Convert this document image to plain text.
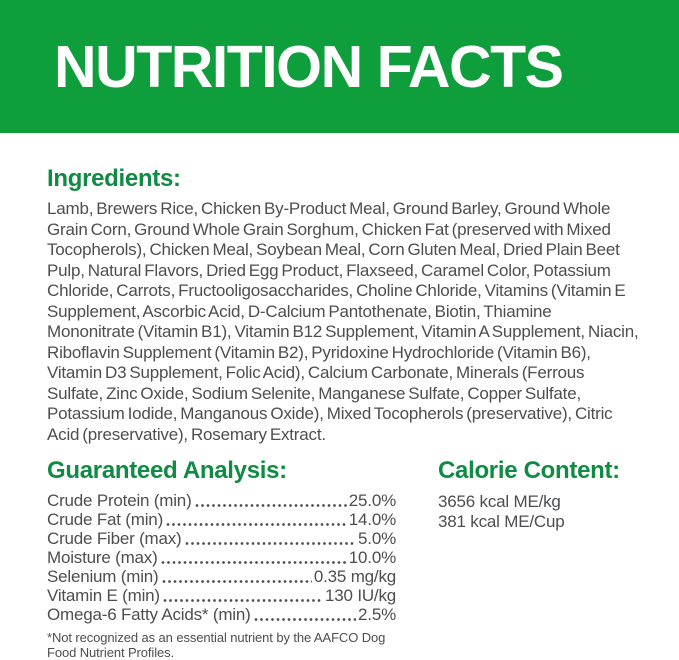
NUTRITION FACTS
Ingredients:

Lamb, Brewers Rice, Chicken By-Product Meal, Ground Barley, Ground Whole Grain Corn, Ground Whole Grain Sorghum, Chicken Fat (preserved with Mixed Tocopherols), Chicken Meal, Soybean Meal, Corn Gluten Meal, Dried Plain Beet Pulp, Natural Flavors, Dried Egg Product, Flaxseed, Caramel Color, Potassium Chloride, Carrots, Fructooligosaccharides, Choline Chloride, Vitamins (Vitamin E Supplement, Ascorbic Acid, D-Calcium Pantothenate, Biotin, Thiamine Mononitrate (Vitamin B1), Vitamin B12 Supplement, Vitamin A Supplement, Niacin, Riboflavin Supplement (Vitamin B2), Pyridoxine Hydrochloride (Vitamin B6), Vitamin D3 Supplement, Folic Acid), Calcium Carbonate, Minerals (Ferrous Sulfate, Zinc Oxide, Sodium Selenite, Manganese Sulfate, Copper Sulfate, Potassium Iodide, Manganous Oxide), Mixed Tocopherols (preservative), Citric Acid (preservative), Rosemary Extract.

Guaranteed Analysis:
Crude Protein (min)	25.0%
Crude Fat (min)	14.0%
Crude Fiber (max)	5.0%
Moisture (max)	10.0%
Selenium (min)	0.35 mg/kg
Vitamin E (min)	130 IU/kg
Omega-6 Fatty Acids* (min)	2.5%

*Not recognized as an essential nutrient by the AAFCO Dog Food Nutrient Profiles.

Calorie Content:

3656 kcal ME/kg

381 kcal ME/Cup
